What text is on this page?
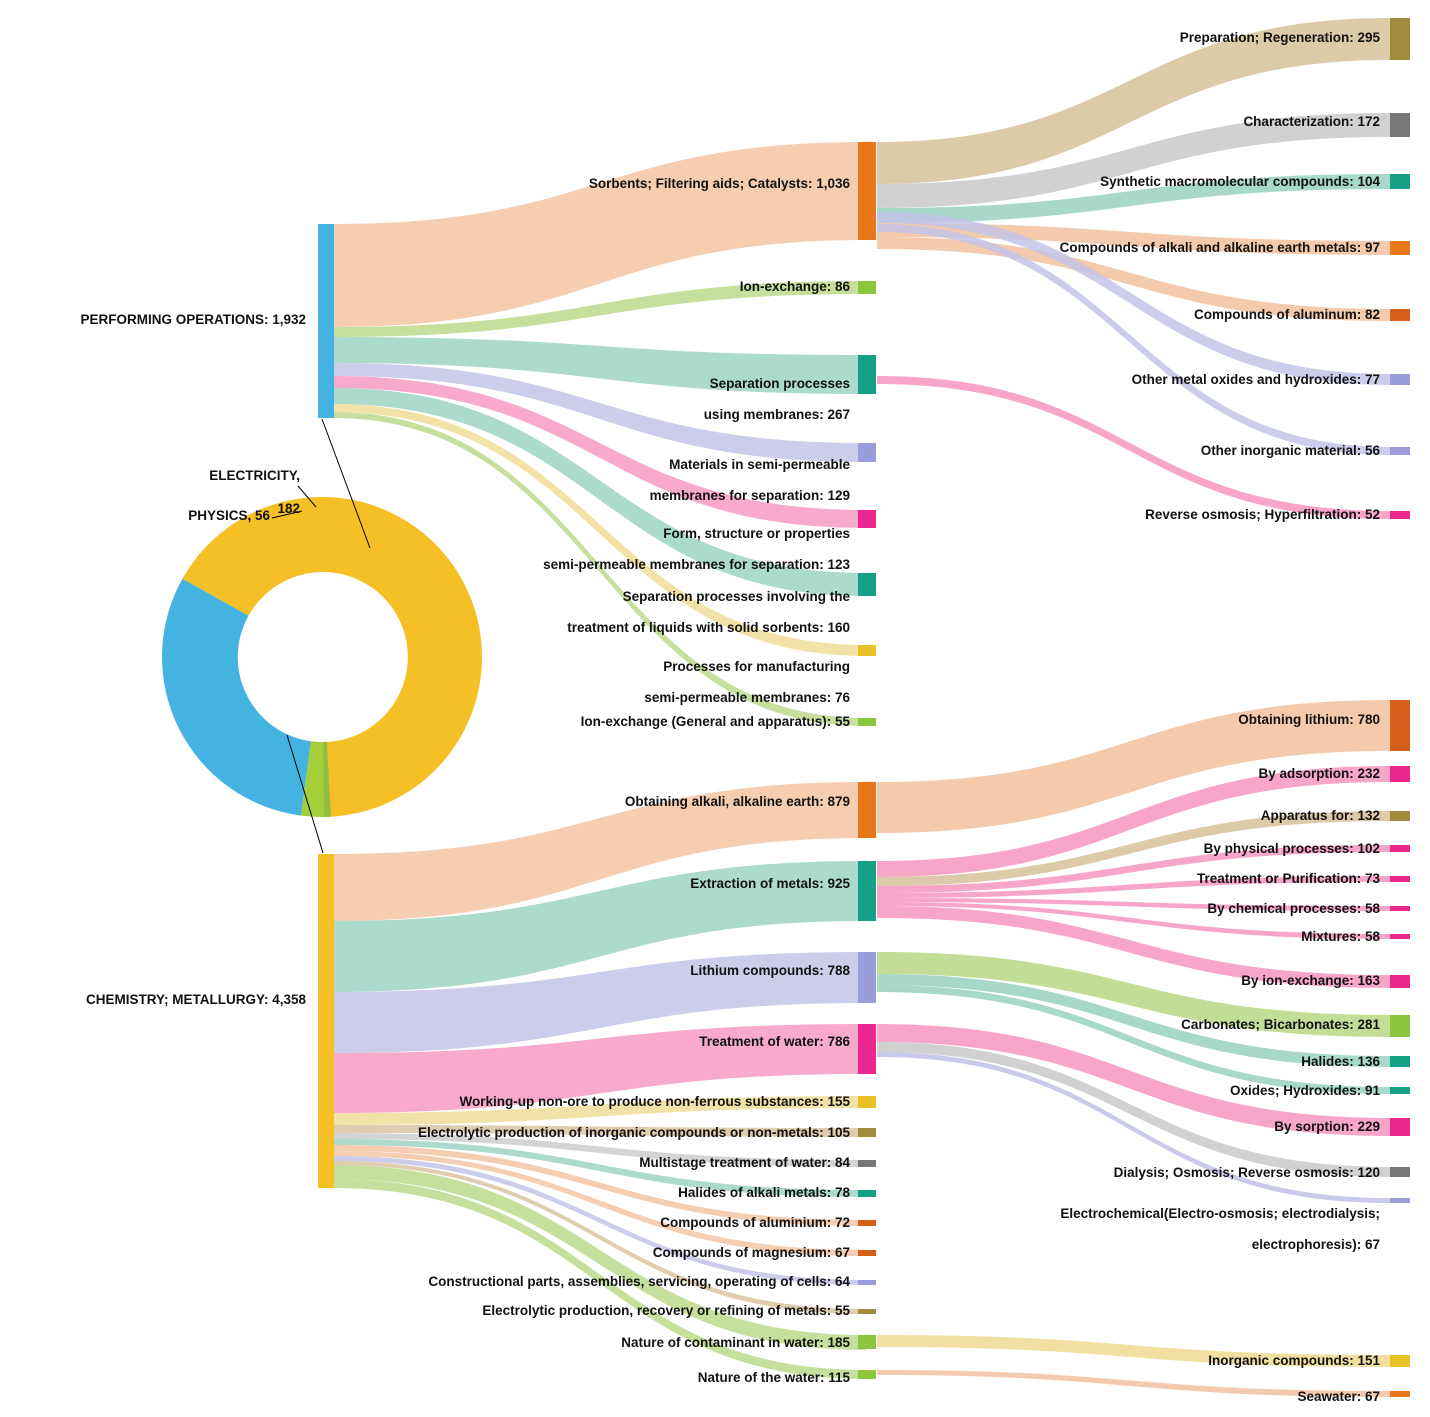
PERFORMING OPERATIONS: 1,932
CHEMISTRY; METALLURGY: 4,358
Sorbents; Filtering aids; Catalysts: 1,036
Ion-exchange: 86

Separation processes

using membranes: 267

Materials in semi-permeable

membranes for separation: 129

Form, structure or properties

semi-permeable membranes for separation: 123

Separation processes involving the

treatment of liquids with solid sorbents: 160

Processes for manufacturing

semi-permeable membranes: 76

Ion-exchange (General and apparatus): 55
Preparation; Regeneration: 295
Characterization: 172
Synthetic macromolecular compounds: 104
Compounds of alkali and alkaline earth metals: 97
Compounds of aluminum: 82
Other metal oxides and hydroxides: 77
Other inorganic material: 56
Reverse osmosis; Hyperfiltration: 52
Obtaining alkali, alkaline earth: 879
Extraction of metals: 925
Lithium compounds: 788
Treatment of water: 786
Working-up non-ore to produce non-ferrous substances: 155
Electrolytic production of inorganic compounds or non-metals: 105
Multistage treatment of water: 84
Halides of alkali metals: 78
Compounds of aluminium: 72
Compounds of magnesium: 67
Constructional parts, assemblies, servicing, operating of cells: 64
Electrolytic production, recovery or refining of metals: 55
Nature of contaminant in water: 185
Nature of the water: 115
Obtaining lithium: 780
By adsorption: 232
Apparatus for: 132
By physical processes: 102
Treatment or Purification: 73
By chemical processes: 58
Mixtures: 58
By ion-exchange: 163
Carbonates; Bicarbonates: 281
Halides: 136
Oxides; Hydroxides: 91
By sorption: 229
Dialysis; Osmosis; Reverse osmosis: 120

Electrochemical(Electro-osmosis; electrodialysis;

electrophoresis): 67

Inorganic compounds: 151
Seawater: 67

ELECTRICITY,

182

PHYSICS, 56
